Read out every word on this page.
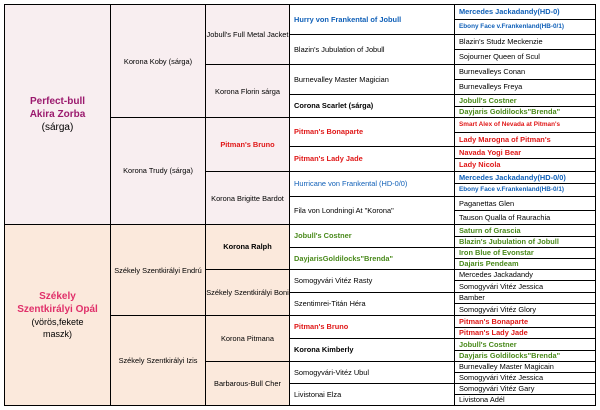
Perfect-bull
Akira Zorba
(sárga)
Székely
Szentkirályi Opál
(vörös,fekete
maszk)
Korona Koby (sárga)
Korona Trudy (sárga)
Székely Szentkirályi Endrú
Székely Szentkirályi Izis
Jobull's Full Metal Jacket
Korona Florin sárga
Pitman's Bruno
Korona Brigitte Bardot
Korona Ralph
Székely Szentkirályi Boni
Korona Pitmana
Barbarous-Bull Cher
Hurry von Frankental of Jobull
Blazin's Jubulation of Jobull
Burnevalley Master Magician
Corona Scarlet (sárga)
Pitman's Bonaparte
Pitman's Lady Jade
Hurricane von Frankental (HD-0/0)
Fila von Londningi At "Korona"
Jobull's Costner
DayjarisGoldilocks"Brenda"
Somogyvári Vitéz Rasty
Szentimrei-Titán Héra
Pitman's Bruno
Korona Kimberly
Somogyvári-Vitéz Ubul
Livistonai Elza
Mercedes Jackadandy(HD-0)
Ebony Face v.Frankenland(HB-0/1)
Blazin's Studz Meckenzie
Sojourner Queen of Scul
Burnevalleys Conan
Burnevalleys Freya
Jobull's Costner
Dayjaris Goldilocks"Brenda"
Smart Alex of Nevada at Pitman's
Lady Marogna of Pitman's
Navada Yogi Bear
Lady Nicola
Mercedes Jackadandy(HD-0/0)
Ebony Face v.Frankenland(HB-0/1)
Paganettas Glen
Tauson Qualla of Raurachia
Saturn of Grascia
Blazin's Jubulation of Jobull
Iron Blue of Evonstar
Dajaris Pendeam
Mercedes Jackadandy
Somogyvári Vitéz Jessica
Bamber
Somogyvári Vitéz Glory
Pitman's Bonaparte
Pitman's Lady Jade
Jobull's Costner
Dayjaris Goldilocks"Brenda"
Burnevalley Master Magicain
Somogyvári Vitéz Jessica
Somogyvári Vitéz Gary
Livistona Adél
